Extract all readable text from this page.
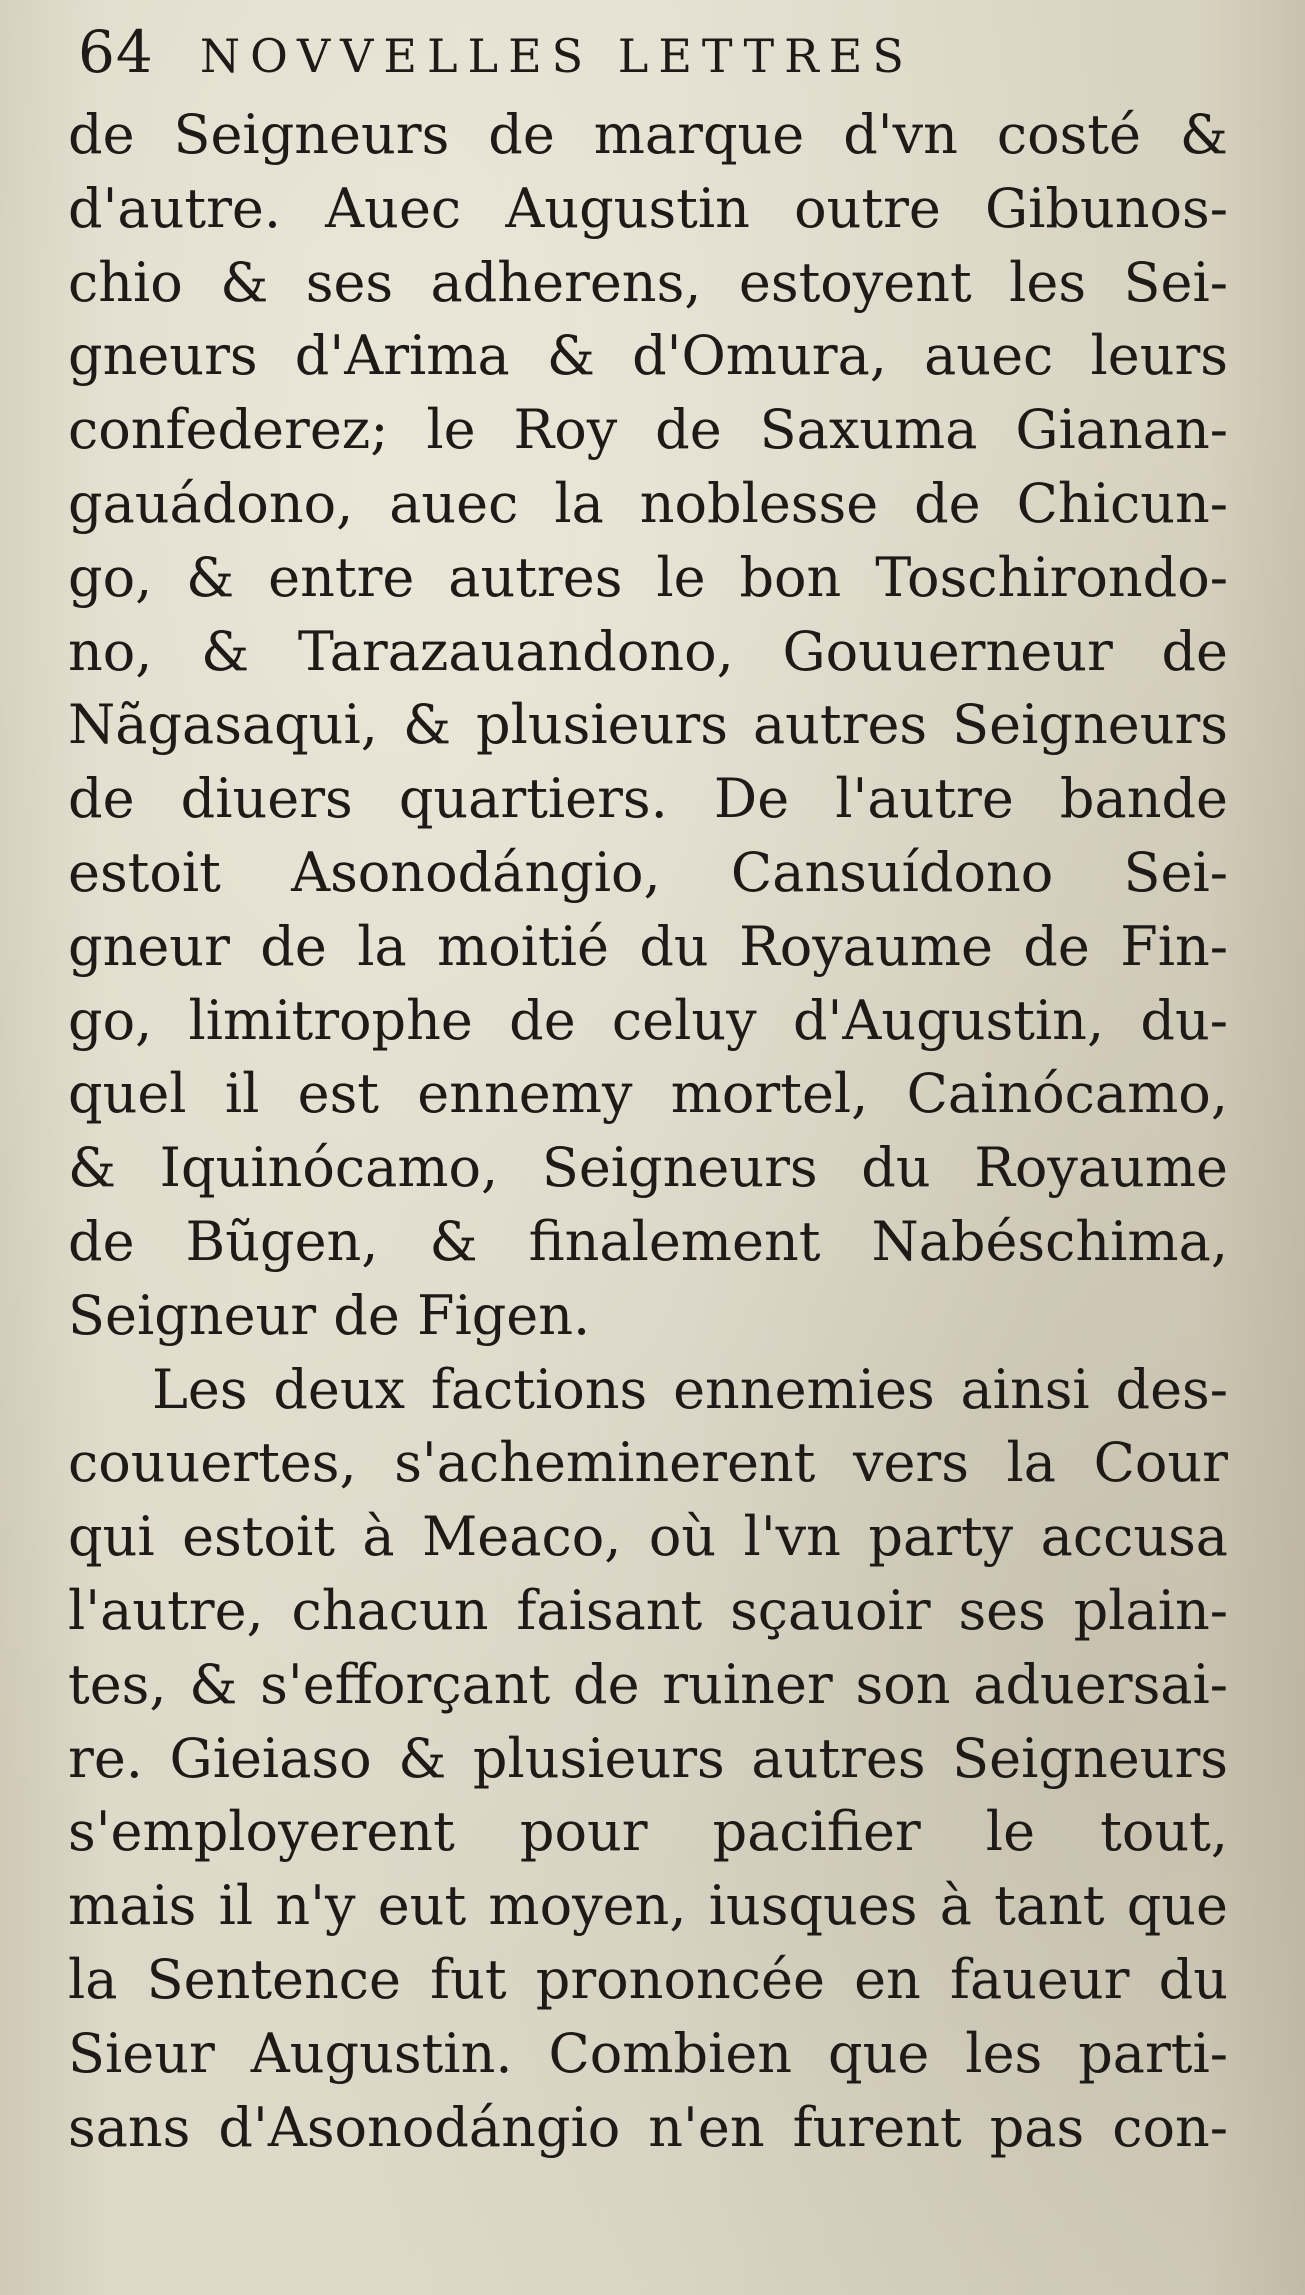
64 NOVVELLES LETTRES
de Seigneurs de marque d'vn costé &
d'autre. Auec Augustin outre Gibunos-
chio & ses adherens, estoyent les Sei-
gneurs d'Arima & d'Omura, auec leurs
confederez; le Roy de Saxuma Gianan-
gauádono, auec la noblesse de Chicun-
go, & entre autres le bon Toschirondo-
no, & Tarazauandono, Gouuerneur de
Nãgasaqui, & plusieurs autres Seigneurs
de diuers quartiers. De l'autre bande
estoit Asonodángio, Cansuídono Sei-
gneur de la moitié du Royaume de Fin-
go, limitrophe de celuy d'Augustin, du-
quel il est ennemy mortel, Cainócamo,
& Iquinócamo, Seigneurs du Royaume
de Bũgen, & finalement Nabéschima,
Seigneur de Figen.
Les deux factions ennemies ainsi des-
couuertes, s'acheminerent vers la Cour
qui estoit à Meaco, où l'vn party accusa
l'autre, chacun faisant sçauoir ses plain-
tes, & s'efforçant de ruiner son aduersai-
re. Gieiaso & plusieurs autres Seigneurs
s'employerent pour pacifier le tout,
mais il n'y eut moyen, iusques à tant que
la Sentence fut prononcée en faueur du
Sieur Augustin. Combien que les parti-
sans d'Asonodángio n'en furent pas con-
